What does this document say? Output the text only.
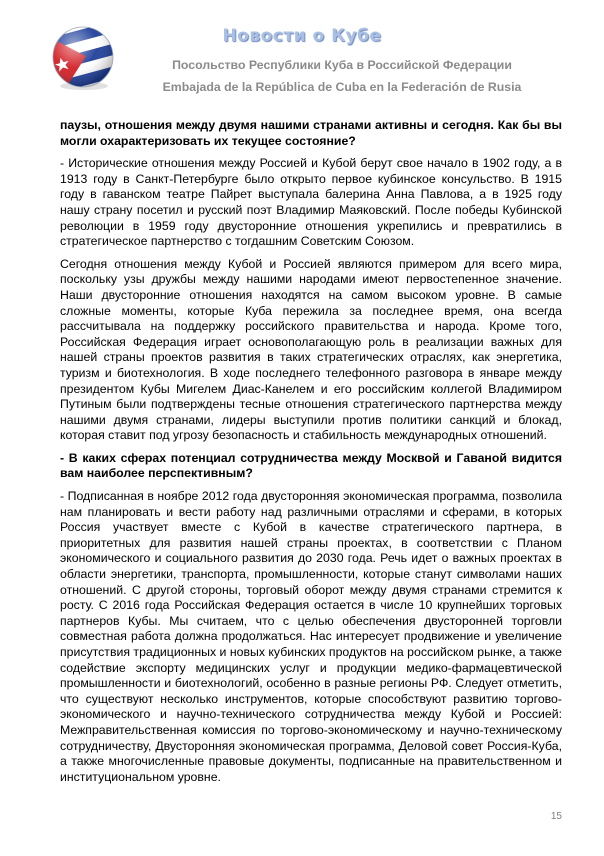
Новости о Кубе
Посольство Республики Куба в Российской Федерации
Embajada de la República de Cuba en la Federación de Rusia

паузы, отношения между двумя нашими странами активны и сегодня. Как бы вы могли охарактеризовать их текущее состояние?

- Исторические отношения между Россией и Кубой берут свое начало в 1902 году, а в 1913 году в Санкт-Петербурге было открыто первое кубинское консульство. В 1915 году в гаванском театре Пайрет выступала балерина Анна Павлова, а в 1925 году нашу страну посетил и русский поэт Владимир Маяковский. После победы Кубинской революции в 1959 году двусторонние отношения укрепились и превратились в стратегическое партнерство с тогдашним Советским Союзом.

Сегодня отношения между Кубой и Россией являются примером для всего мира, поскольку узы дружбы между нашими народами имеют первостепенное значение. Наши двусторонние отношения находятся на самом высоком уровне. В самые сложные моменты, которые Куба пережила за последнее время, она всегда рассчитывала на поддержку российского правительства и народа. Кроме того, Российская Федерация играет основополагающую роль в реализации важных для нашей страны проектов развития в таких стратегических отраслях, как энергетика, туризм и биотехнология. В ходе последнего телефонного разговора в январе между президентом Кубы Мигелем Диас-Канелем и его российским коллегой Владимиром Путиным были подтверждены тесные отношения стратегического партнерства между нашими двумя странами, лидеры выступили против политики санкций и блокад, которая ставит под угрозу безопасность и стабильность международных отношений.

- В каких сферах потенциал сотрудничества между Москвой и Гаваной видится вам наиболее перспективным?

- Подписанная в ноябре 2012 года двусторонняя экономическая программа, позволила нам планировать и вести работу над различными отраслями и сферами, в которых Россия участвует вместе с Кубой в качестве стратегического партнера, в приоритетных для развития нашей страны проектах, в соответствии с Планом экономического и социального развития до 2030 года. Речь идет о важных проектах в области энергетики, транспорта, промышленности, которые станут символами наших отношений. С другой стороны, торговый оборот между двумя странами стремится к росту. С 2016 года Российская Федерация остается в числе 10 крупнейших торговых партнеров Кубы. Мы считаем, что с целью обеспечения двусторонней торговли совместная работа должна продолжаться. Нас интересует продвижение и увеличение присутствия традиционных и новых кубинских продуктов на российском рынке, а также содействие экспорту медицинских услуг и продукции медико-фармацевтической промышленности и биотехнологий, особенно в разные регионы РФ. Следует отметить, что существуют несколько инструментов, которые способствуют развитию торгово-экономического и научно-технического сотрудничества между Кубой и Россией: Межправительственная комиссия по торгово-экономическому и научно-техническому сотрудничеству, Двусторонняя экономическая программа, Деловой совет Россия-Куба, а также многочисленные правовые документы, подписанные на правительственном и институциональном уровне.

15
